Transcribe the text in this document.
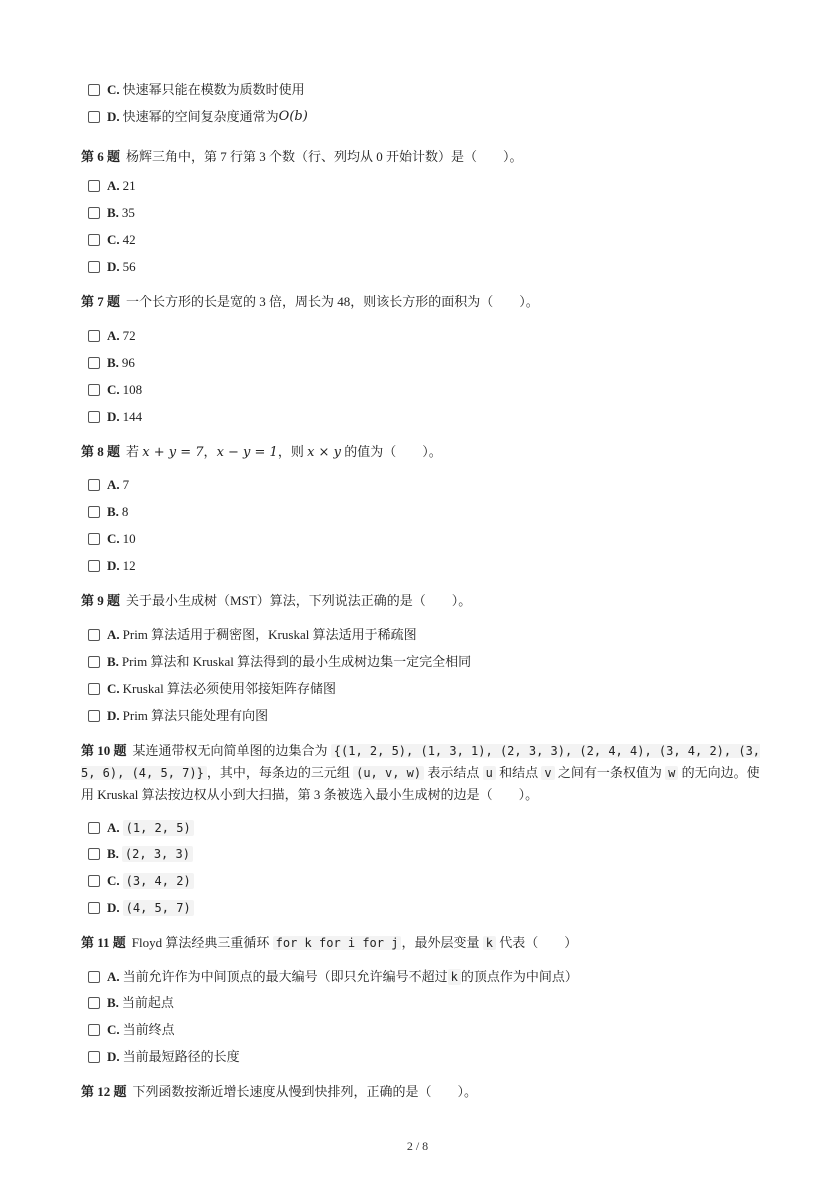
C. 快速幂只能在模数为质数时使用
D. 快速幂的空间复杂度通常为 O(b)
第 6 题 杨辉三角中，第 7 行第 3 个数（行、列均从 0 开始计数）是（　　）。
A. 21
B. 35
C. 42
D. 56
第 7 题 一个长方形的长是宽的 3 倍，周长为 48，则该长方形的面积为（　　）。
A. 72
B. 96
C. 108
D. 144
第 8 题 若 x + y = 7，x − y = 1，则 x × y 的值为（　　）。
A. 7
B. 8
C. 10
D. 12
第 9 题 关于最小生成树（MST）算法，下列说法正确的是（　　）。
A. Prim 算法适用于稠密图，Kruskal 算法适用于稀疏图
B. Prim 算法和 Kruskal 算法得到的最小生成树边集一定完全相同
C. Kruskal 算法必须使用邻接矩阵存储图
D. Prim 算法只能处理有向图
第 10 题 某连通带权无向简单图的边集合为 {(1, 2, 5), (1, 3, 1), (2, 3, 3), (2, 4, 4), (3, 4, 2), (3, 5, 6), (4, 5, 7)} ，其中，每条边的三元组 (u, v, w) 表示结点 u 和结点 v 之间有一条权值为 w 的无向边。使用 Kruskal 算法按边权从小到大扫描，第 3 条被选入最小生成树的边是（　　）。
A. (1, 2, 5)
B. (2, 3, 3)
C. (3, 4, 2)
D. (4, 5, 7)
第 11 题 Floyd 算法经典三重循环 for k for i for j ，最外层变量 k 代表（　　）
A. 当前允许作为中间顶点的最大编号（即只允许编号不超过 k 的顶点作为中间点）
B. 当前起点
C. 当前终点
D. 当前最短路径的长度
第 12 题 下列函数按渐近增长速度从慢到快排列，正确的是（　　）。
2 / 8
